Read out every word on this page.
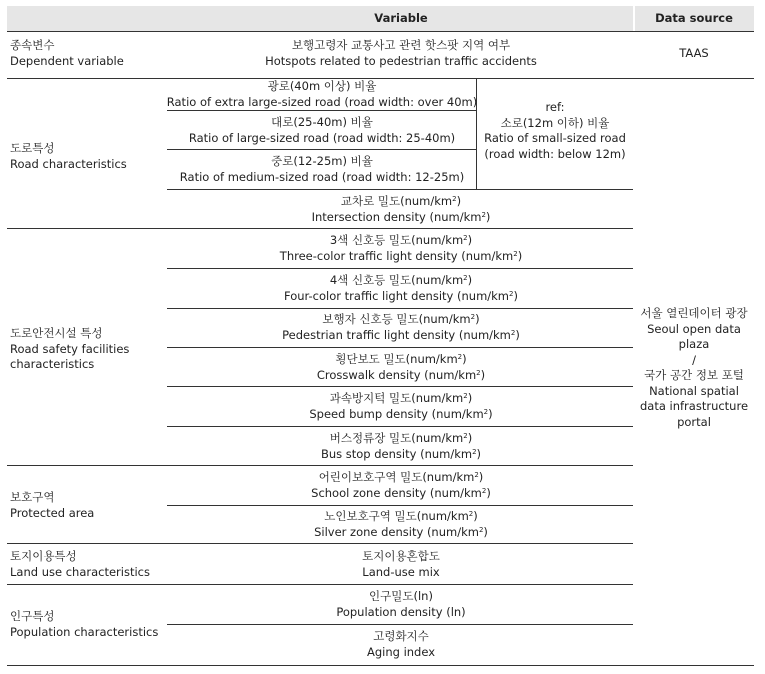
Variable	Data source
종속변수
Dependent variable
보행고령자 교통사고 관련 핫스팟 지역 여부
Hotspots related to pedestrian traffic accidents
TAAS
도로특성
Road characteristics
광로(40m 이상) 비율
Ratio of extra large-sized road (road width: over 40m)
대로(25-40m) 비율
Ratio of large-sized road (road width: 25-40m)
중로(12-25m) 비율
Ratio of medium-sized road (road width: 12-25m)
ref:
소로(12m 이하) 비율
Ratio of small-sized road
(road width: below 12m)
교차로 밀도$(num/km^2)$
Intersection density $(num/km^2)$
도로안전시설 특성
Road safety facilities
characteristics
3색 신호등 밀도$(num/km^2)$
Three-color traffic light density $(num/km^2)$
4색 신호등 밀도$(num/km^2)$
Four-color traffic light density $(num/km^2)$
보행자 신호등 밀도$(num/km^2)$
Pedestrian traffic light density $(num/km^2)$
횡단보도 밀도$(num/km^2)$
Crosswalk density $(num/km^2)$
과속방지턱 밀도$(num/km^2)$
Speed bump density $(num/km^2)$
버스정류장 밀도$(num/km^2)$
Bus stop density $(num/km^2)$
보호구역
Protected area
어린이보호구역 밀도$(num/km^2)$
School zone density $(num/km^2)$
노인보호구역 밀도$(num/km^2)$
Silver zone density $(num/km^2)$
토지이용특성
Land use characteristics
토지이용혼합도
Land-use mix
인구특성
Population characteristics
인구밀도(ln)
Population density (ln)
고령화지수
Aging index
서울 열린데이터 광장
Seoul open data
plaza
/
국가 공간 정보 포털
National spatial
data infrastructure
portal
